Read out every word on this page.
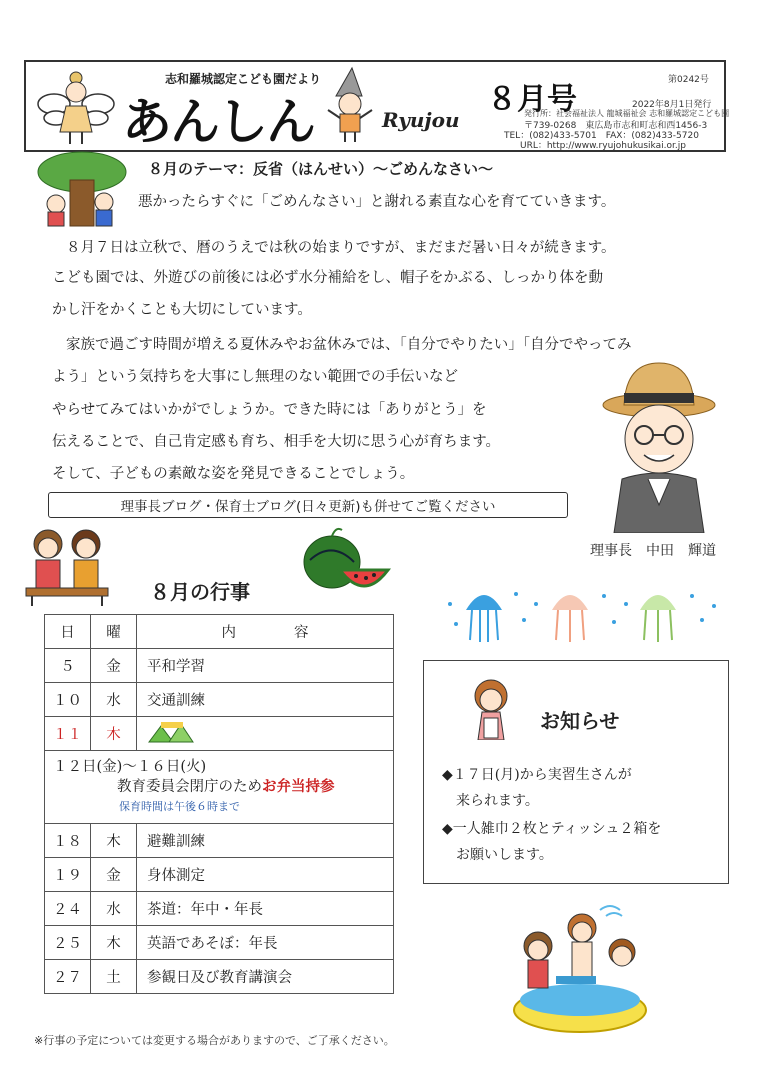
志和羅城認定こども園だより
あんしん	Ryujou
８月号
第0242号
2022年8月1日発行
発行所：社会福祉法人 龍城福祉会 志和羅城認定こども園
〒739-0268　東広島市志和町志和西1456-3
TEL：(082)433-5701　FAX：(082)433-5720
URL：http://www.ryujohukusikai.or.jp
８月のテーマ：反省（はんせい）～ごめんなさい～
悪かったらすぐに「ごめんなさい」と謝れる素直な心を育てていきます。
８月７日は立秋で、暦のうえでは秋の始まりですが、まだまだ暑い日々が続きます。
こども園では、外遊びの前後には必ず水分補給をし、帽子をかぶる、しっかり体を動
かし汗をかくことも大切にしています。
家族で過ごす時間が増える夏休みやお盆休みでは、「自分でやりたい」「自分でやってみ
よう」という気持ちを大事にし無理のない範囲での手伝いなど
やらせてみてはいかがでしょうか。できた時には「ありがとう」を
伝えることで、自己肯定感も育ち、相手を大切に思う心が育ちます。
そして、子どもの素敵な姿を発見できることでしょう。
理事長ブログ・保育士ブログ(日々更新)も併せてご覧ください
理事長　中田　輝道
８月の行事
日	曜	内　　　　容
５	金	平和学習
１０	水	交通訓練
１１	木	

１２日(金)～１６日(火)
教育委員会閉庁のためお弁当持参
保育時間は午後６時まで		

１８	木	避難訓練
１９	金	身体測定
２４	水	茶道：年中・年長
２５	木	英語であそぼ：年長
２７	土	参観日及び教育講演会
※行事の予定については変更する場合がありますので、ご了承ください。
お知らせ
◆１７日(月)から実習生さんが
　来られます。
◆一人雑巾２枚とティッシュ２箱を
　お願いします。
